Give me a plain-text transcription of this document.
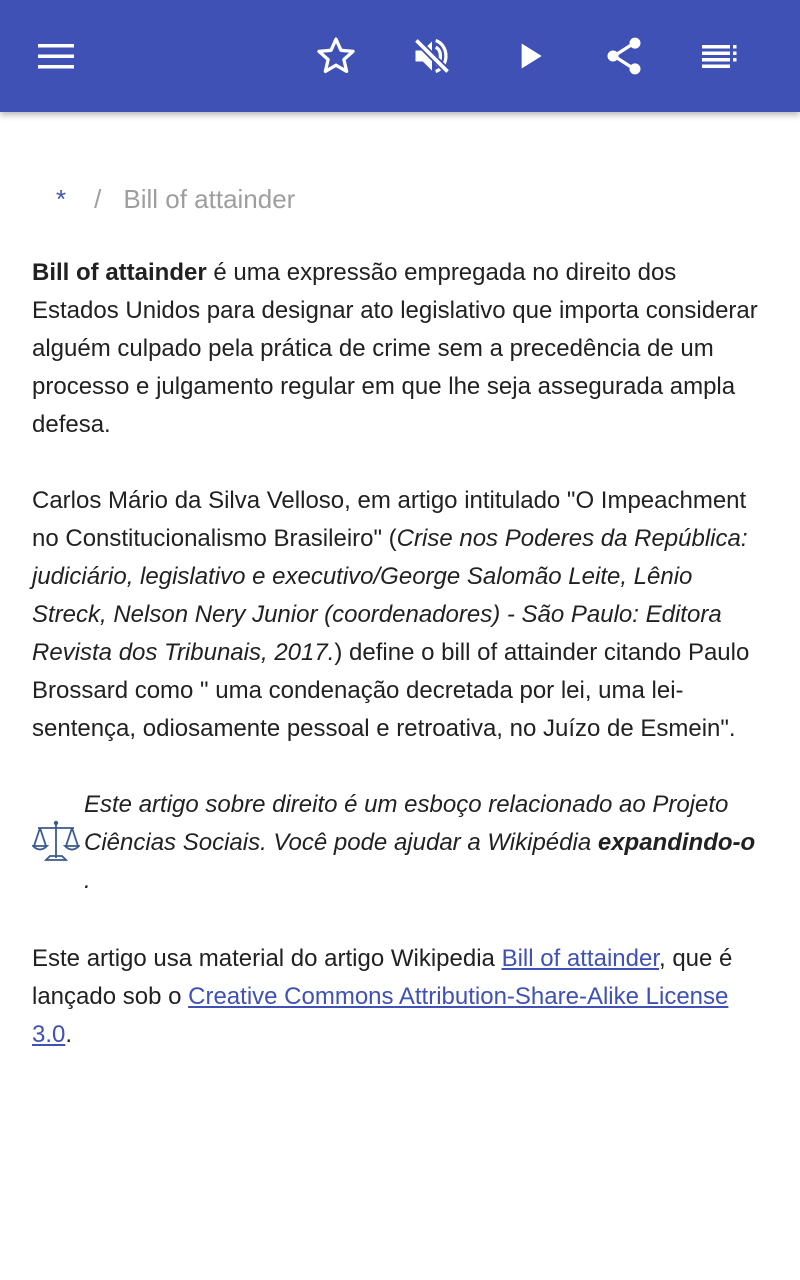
* / Bill of attainder

Bill of attainder é uma expressão empregada no direito dos Estados Unidos para designar ato legislativo que importa considerar alguém culpado pela prática de crime sem a precedência de um processo e julgamento regular em que lhe seja assegurada ampla defesa.

Carlos Mário da Silva Velloso, em artigo intitulado "O Impeachment no Constitucionalismo Brasileiro" (Crise nos Poderes da República: judiciário, legislativo e executivo/George Salomão Leite, Lênio Streck, Nelson Nery Junior (coordenadores) - São Paulo: Editora Revista dos Tribunais, 2017.) define o bill of attainder citando Paulo Brossard como " uma condenação decretada por lei, uma lei-sentença, odiosamente pessoal e retroativa, no Juízo de Esmein".

Este artigo sobre direito é um esboço relacionado ao Projeto Ciências Sociais. Você pode ajudar a Wikipédia expandindo-o .

Este artigo usa material do artigo Wikipedia Bill of attainder, que é lançado sob o Creative Commons Attribution-Share-Alike License 3.0.
